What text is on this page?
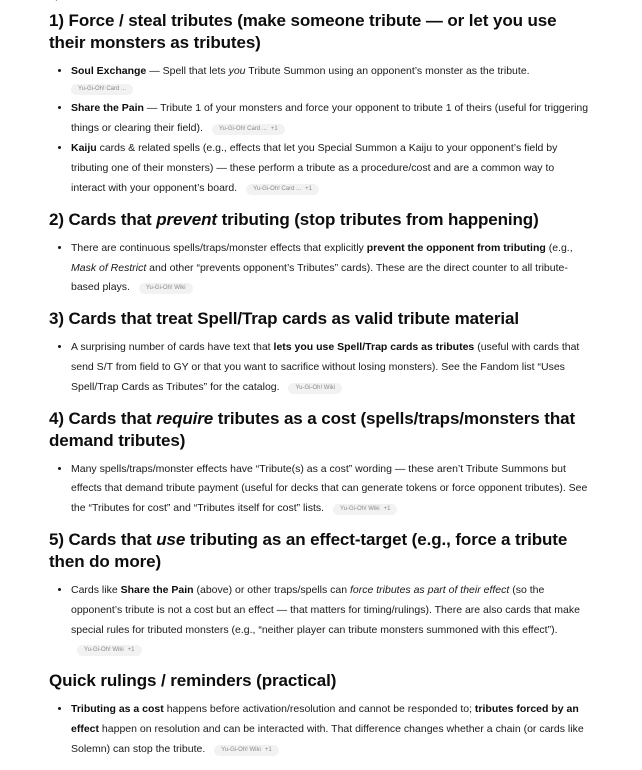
1) Force / steal tributes (make someone tribute — or let you use their monsters as tributes)
• Soul Exchange — Spell that lets you Tribute Summon using an opponent’s monster as the tribute.
Yu-Gi-Oh! Card ...
• Share the Pain — Tribute 1 of your monsters and force your opponent to tribute 1 of theirs (useful for triggering things or clearing their field).	Yu-Gi-Oh! Card ... +1
• Kaiju cards & related spells (e.g., effects that let you Special Summon a Kaiju to your opponent’s field by tributing one of their monsters) — these perform a tribute as a procedure/cost and are a common way to interact with your opponent’s board.	Yu-Gi-Oh! Card ... +1
2) Cards that prevent tributing (stop tributes from happening)
• There are continuous spells/traps/monster effects that explicitly prevent the opponent from tributing (e.g., Mask of Restrict and other “prevents opponent’s Tributes” cards). These are the direct counter to all tribute-based plays.	Yu-Gi-Oh! Wiki
3) Cards that treat Spell/Trap cards as valid tribute material
• A surprising number of cards have text that lets you use Spell/Trap cards as tributes (useful with cards that send S/T from field to GY or that you want to sacrifice without losing monsters). See the Fandom list “Uses Spell/Trap Cards as Tributes” for the catalog.	Yu-Gi-Oh! Wiki
4) Cards that require tributes as a cost (spells/traps/monsters that demand tributes)
• Many spells/traps/monster effects have “Tribute(s) as a cost” wording — these aren’t Tribute Summons but effects that demand tribute payment (useful for decks that can generate tokens or force opponent tributes). See the “Tributes for cost” and “Tributes itself for cost” lists.	Yu-Gi-Oh! Wiki +1
5) Cards that use tributing as an effect-target (e.g., force a tribute then do more)
• Cards like Share the Pain (above) or other traps/spells can force tributes as part of their effect (so the opponent’s tribute is not a cost but an effect — that matters for timing/rulings). There are also cards that make special rules for tributed monsters (e.g., “neither player can tribute monsters summoned with this effect”). Yu-Gi-Oh! Wiki +1
Quick rulings / reminders (practical)
• Tributing as a cost happens before activation/resolution and cannot be responded to; tributes forced by an effect happen on resolution and can be interacted with. That difference changes whether a chain (or cards like Solemn) can stop the tribute.	Yu-Gi-Oh! Wiki +1
